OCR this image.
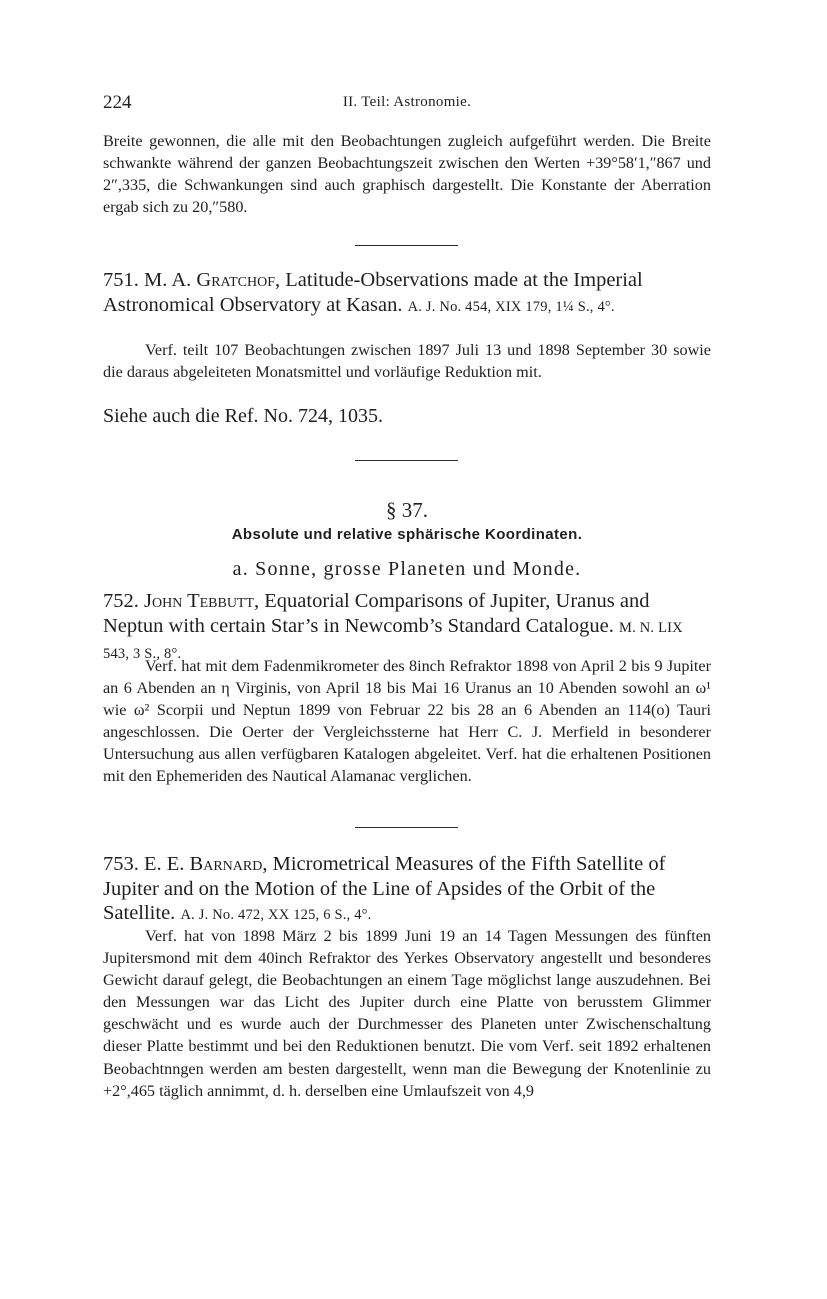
224	II. Teil: Astronomie.

Breite gewonnen, die alle mit den Beobachtungen zugleich aufgeführt werden. Die Breite schwankte während der ganzen Beobachtungszeit zwischen den Werten +39°58′1,″867 und 2″,335, die Schwankungen sind auch graphisch dargestellt. Die Konstante der Aberration ergab sich zu 20,″580.

751. M. A. Gratchof, Latitude-Observations made at the Imperial Astronomical Observatory at Kasan. A. J. No. 454, XIX 179, 1¼ S., 4°.

Verf. teilt 107 Beobachtungen zwischen 1897 Juli 13 und 1898 September 30 sowie die daraus abgeleiteten Monatsmittel und vorläufige Reduktion mit.

Siehe auch die Ref. No. 724, 1035.

§ 37.
Absolute und relative sphärische Koordinaten.
a. Sonne, grosse Planeten und Monde.
752. John Tebbutt, Equatorial Comparisons of Jupiter, Uranus and Neptun with certain Star’s in Newcomb’s Standard Catalogue. M. N. LIX 543, 3 S., 8°.

Verf. hat mit dem Fadenmikrometer des 8inch Refraktor 1898 von April 2 bis 9 Jupiter an 6 Abenden an η Virginis, von April 18 bis Mai 16 Uranus an 10 Abenden sowohl an ω¹ wie ω² Scorpii und Neptun 1899 von Februar 22 bis 28 an 6 Abenden an 114(o) Tauri angeschlossen. Die Oerter der Vergleichssterne hat Herr C. J. Merfield in besonderer Untersuchung aus allen verfügbaren Katalogen abgeleitet. Verf. hat die erhaltenen Positionen mit den Ephemeriden des Nautical Alamanac verglichen.

753. E. E. Barnard, Micrometrical Measures of the Fifth Satellite of Jupiter and on the Motion of the Line of Apsides of the Orbit of the Satellite. A. J. No. 472, XX 125, 6 S., 4°.

Verf. hat von 1898 März 2 bis 1899 Juni 19 an 14 Tagen Messungen des fünften Jupitersmond mit dem 40inch Refraktor des Yerkes Observatory angestellt und besonderes Gewicht darauf gelegt, die Beobachtungen an einem Tage möglichst lange auszudehnen. Bei den Messungen war das Licht des Jupiter durch eine Platte von berusstem Glimmer geschwächt und es wurde auch der Durchmesser des Planeten unter Zwischenschaltung dieser Platte bestimmt und bei den Reduktionen benutzt. Die vom Verf. seit 1892 erhaltenen Beobachtnngen werden am besten dargestellt, wenn man die Bewegung der Knotenlinie zu +2°,465 täglich annimmt, d. h. derselben eine Umlaufszeit von 4,9
